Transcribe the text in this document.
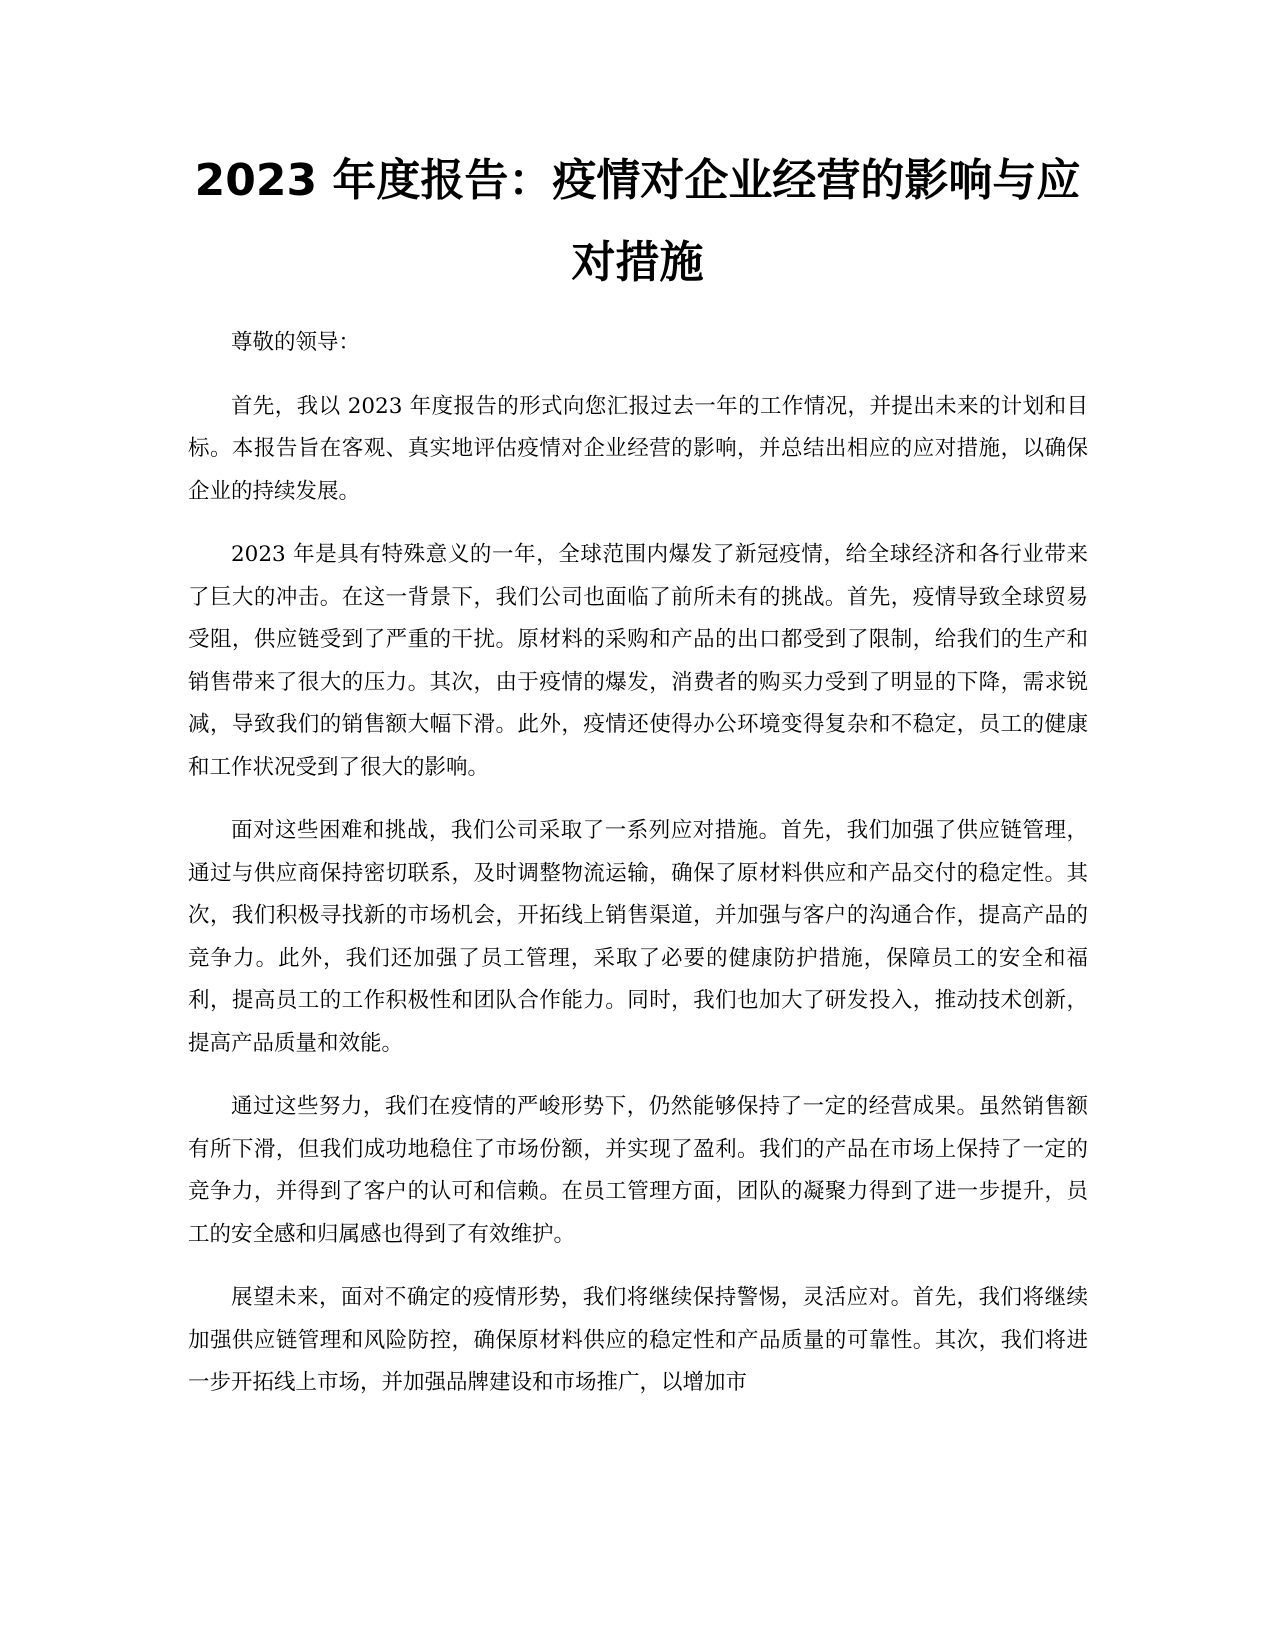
2023 年度报告：疫情对企业经营的影响与应
对措施

尊敬的领导：

首先，我以 2023 年度报告的形式向您汇报过去一年的工作情况，并提出未来的计划和目标。本报告旨在客观、真实地评估疫情对企业经营的影响，并总结出相应的应对措施，以确保企业的持续发展。

2023 年是具有特殊意义的一年，全球范围内爆发了新冠疫情，给全球经济和各行业带来了巨大的冲击。在这一背景下，我们公司也面临了前所未有的挑战。首先，疫情导致全球贸易受阻，供应链受到了严重的干扰。原材料的采购和产品的出口都受到了限制，给我们的生产和销售带来了很大的压力。其次，由于疫情的爆发，消费者的购买力受到了明显的下降，需求锐减，导致我们的销售额大幅下滑。此外，疫情还使得办公环境变得复杂和不稳定，员工的健康和工作状况受到了很大的影响。

面对这些困难和挑战，我们公司采取了一系列应对措施。首先，我们加强了供应链管理，通过与供应商保持密切联系，及时调整物流运输，确保了原材料供应和产品交付的稳定性。其次，我们积极寻找新的市场机会，开拓线上销售渠道，并加强与客户的沟通合作，提高产品的竞争力。此外，我们还加强了员工管理，采取了必要的健康防护措施，保障员工的安全和福利，提高员工的工作积极性和团队合作能力。同时，我们也加大了研发投入，推动技术创新，提高产品质量和效能。

通过这些努力，我们在疫情的严峻形势下，仍然能够保持了一定的经营成果。虽然销售额有所下滑，但我们成功地稳住了市场份额，并实现了盈利。我们的产品在市场上保持了一定的竞争力，并得到了客户的认可和信赖。在员工管理方面，团队的凝聚力得到了进一步提升，员工的安全感和归属感也得到了有效维护。

展望未来，面对不确定的疫情形势，我们将继续保持警惕，灵活应对。首先，我们将继续加强供应链管理和风险防控，确保原材料供应的稳定性和产品质量的可靠性。其次，我们将进一步开拓线上市场，并加强品牌建设和市场推广，以增加市
